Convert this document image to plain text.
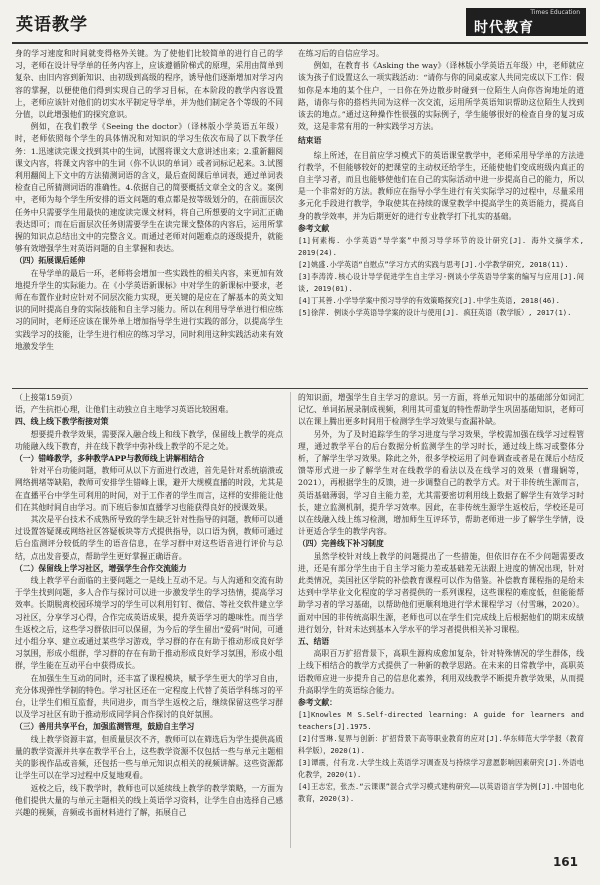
英语教学
Times Education
时代教育

身的学习速度和时间就变得格外关键。为了使他们比较简单的进行自己的学习，老师在设计导学单的任务内容上，应该遵循阶梯式的原理，采用由简单到复杂、由旧内容到新知识、由初级到高级的程序，诱导他们逐渐增加对学习内容的掌握，以便使他们得到实现自己的学习目标，在本阶段的教学内容设置上，老师应该针对他们的切实水平制定导学单，并为他们制定各个等级的不同分值，以此增强他们的探究意识。

例如，在我们教学《Seeing the doctor》（译林版小学英语五年级）时，老师依照每个学生的具体情况和对知识的学习生依次布局了以下教学任务：1.迅速读完课文找到其中的生词，试图将课文大意讲述出来；2.重新翻阅课文内容，将课文内容中的生词（你不认识的单词）或者词标记起来。3.试图利用翻阅上下文中的方法猜测词语的含义，最后查阅课后单词表，通过单词表检查自己所猜测词语的准确性。4.依据自己的简要概括文章全文的含义。案例中，老师为每个学生所安排的语文问题的难点都是按等级划分的，在前面层次任务中只需要学生用最快的速度读完课文材料，将自己所想要的文字词汇正确表达即可；而在后面层次任务则需要学生在读完课文整体的内容后，运用所掌握的知识点总结出文中的完整含义。而通过老师对问题难点的逐级提升，就能够有效增强学生对英语问题的自主掌握和表达。

（四）拓展课后延伸

在导学单的最后一环，老师将会增加一些实践性的相关内容，来更加有效地提升学生的实际能力。在《小学英语新课标》中对学生的新课标中要求，老师在布置作业时应针对不同层次能力实现，更关键的是应在了解基本的英文知识的同时提高自身的实际技能和自主学习能力。所以在利用导学单进行相应练习的同时，老师还应该在课外单上增加指导学生进行实践的部分，以提高学生实践学习的技能，让学生进行相应的练习学习，同时利用这种实践活动来有效地激发学生

在练习后的自信应学习。

例如，在教育书《Asking the way》（译林版小学英语五年级）中，老师就应该为孩子们设置这么一项实践活动：“请你与你的同桌或家人共同完成以下工作：假如你是本地的某个住户，一日你在外边散步时碰到一位陌生人向你咨询地址的道路，请你与你的搭档共同为这样一次交流，运用所学英语知识帮助这位陌生人找到该去的地点。”通过这种操作性很强的实际例子，学生能够很好的检查自身的复习成效，这是非常有用的一种实践学习方法。

结束语

综上所述，在目前应学习模式下的英语课堂教学中，老师采用导学单的方法进行教学，不但能够较好的把课堂的主动权还给学生，还能使他们变成班级内真正的自主学习者，而且也能够使他们在自己的实际活动中进一步提高自己的能力，所以是一个非常好的方法。教师应在指导小学生进行有关实际学习的过程中，尽量采用多元化手段进行教学，争取使其在持续的课堂教学中提高学生的英语能力，提高自身的教学效率，并为后期更好的进行专业教学打下扎实的基础。

参考文献

[1]何素梅. 小学英语“导学案”中预习导学环节的设计研究[J]. 海外文摘学术, 2019(24).

[2]姚盛.小学英语“自慰点”学习方式的实践与思考[J].小学教学研究, 2018(11).

[3]李涛涛.核心设计导学促进学生自主学习-例谈小学英语导学案的编写与应用[J].间谈, 2019(01).

[4]丁其善.小学导学案中预习导学的有效策略探究[J].中学生英语, 2018(46).

[5]徐萍. 例谈小学英语导学案的设计与使用[J]. 疯狂英语（教学版）, 2017(1).

（上接第159页）

语，产生抗拒心理，让他们主动独立自主地学习英语比较困难。

四、线上线下教学衔接对策

想要提升教学效果，需要深入融合线上和线下教学，保留线上教学的亮点功能融入线下教育，并在线下教学中弥补线上教学的不足之处。

（一）错峰教学，多种教学APP与教师线上讲解相结合

针对平台功能问题，教师可从以下方面进行改进，首先是针对系统崩溃或网络拥堵等缺陷，教师可安排学生错峰上课，避开大规模直播的时段，尤其是在直播平台中学生可利用的时间，对于工作者的学生而言，这样的安排能让他们在其他时间自由学习。而下班后参加直播学习也能获得良好的授课效果。

其次是平台技术不成熟所导致的学生缺乏针对性指导的问题，教师可以通过设置答疑课或网络社区答疑板块等方式提供指导，以口语为例，教师可通过后台监测评分较低的学生的语音信息，在学习群中对这些语音进行评价与总结，点出发音要点，帮助学生更好掌握正确语音。

（二）保留线上学习社区，增强学生合作交流能力

线上教学平台面临的主要问题之一是线上互动不足。与人沟通和交流有助于学生找到问题，多人合作与探讨可以进一步激发学生的学习热情，提高学习效率。长期脱离校园环境学习的学生可以利用钉钉、微信、等社交软件建立学习社区，分享学习心得，合作完成英语成果，提升英语学习的趣味性。而当学生返校之后，这些学习群依旧可以保留，为今后的学生留出“爱码”时间，可通过小组分享、建立或通过某些学习游戏，学习群的存在有助于推动形成良好学习氛围，形成小组群，学习群的存在有助于推动形成良好学习氛围，形成小组群，学生能在互动平台中获得成长。

在加强生生互动的同时，还丰富了课程模块，赋予学生更大的学习自由，充分体现弹性学制的特色。学习社区还在一定程度上代替了英语学科练习的平台，让学生们相互监督，共同进步，而当学生返校之后，继续保留这些学习群以及学习社区有助于推动形成同学间合作探讨的良好氛围。

（三）善用共享平台，加强监测管理，鼓励自主学习

线上教学资源丰富，但质量层次不齐，教师可以在筛选后为学生提供高质量的教学资源并共享在教学平台上，这些教学资源不仅包括一些与单元主题相关的影视作品或音频，还包括一些与单元知识点相关的视频讲解。这些资源都让学生可以在学习过程中反复地观看。

返校之后，线下教学时，教师也可以延续线上教学的教学策略，一方面为他们提供大量的与单元主题相关的线上英语学习资料，让学生自由选择自己感兴趣的视频，音频或书面材料进行了解，拓展自己

的知识面，增强学生自主学习的意识。另一方面，将单元知识中的基础部分如词汇记忆、单词拓展录制成视频，利用其可重复的特性帮助学生巩固基础知识，老师可以在课上腾出更多时间用于检测学生学习效果与查漏补缺。

另外，为了及时追踪学生的学习进度与学习效果，学校需加强在线学习过程管理，通过教学平台的后台数据分析监测学生的学习时长，通过线上练习或整体分析，了解学生学习效果。除此之外，很多学校运用了问卷调查或者是在课后小结反馈等形式进一步了解学生对在线教学的看法以及在线学习的效果（曹瑞娴等，2021），再根据学生的反馈，进一步调整自己的教学方式。对于非传统生源而言，英语基础薄弱，学习自主能力差，尤其需要密切利用线上数据了解学生有效学习时长，建立监测机制，提升学习效率。因此，在非传统生源学生返校后，学校还是可以在线融入线上练习检测，增加师生互评环节，帮助老师进一步了解学生学情，设计更适合学生的教学内容。

（四）完善线下补习制度

虽然学校针对线上教学的问题提出了一些措施，但依旧存在不少问题需要改进，还是有部分学生由于自主学习能力差或基础差无法跟上进度的情况出现，针对此类情况，美国社区学院的补偿教育课程可以作为借鉴。补偿教育课程指的是给未达到中学毕业文化程度的学习者提供的一系列课程，这些课程的难度低，但能能帮助学习者的学习基础，以帮助他们更顺利地进行学术课程学习（付雪琳，2020）。面对中国的非传统高职生源，老师也可以在学生们完成线上后根据他们的期末成绩进行划分，针对未达到基本入学水平的学习者提供相关补习课程。

五、结语

高职百万扩招背景下，高职生源构成愈加复杂，针对特殊情况的学生群体，线上线下相结合的教学方式提供了一种新的教学思路。在未来的日常教学中，高职英语教师应进一步提升自己的信息化素养，利用双线教学不断提升教学效果，从而提升高职学生的英语综合能力。

参考文献：

[1]Knowles M S.Self-directed learning: A guide for learners and teachers[J].1975.

[2]付雪琳.复界与创新：扩招背景下高等职业教育的应对[J].华东师范大学学报（教育科学版），2020(1).

[3]谭震，付有龙.大学生线上英语学习调查及与持续学习意愿影响因素研究[J].外语电化教学，2020(1).

[4]王志宏，张杰.“云课课”混合式学习模式建构研究——以英语语言学为例[J].中国电化教育，2020(3).

161
